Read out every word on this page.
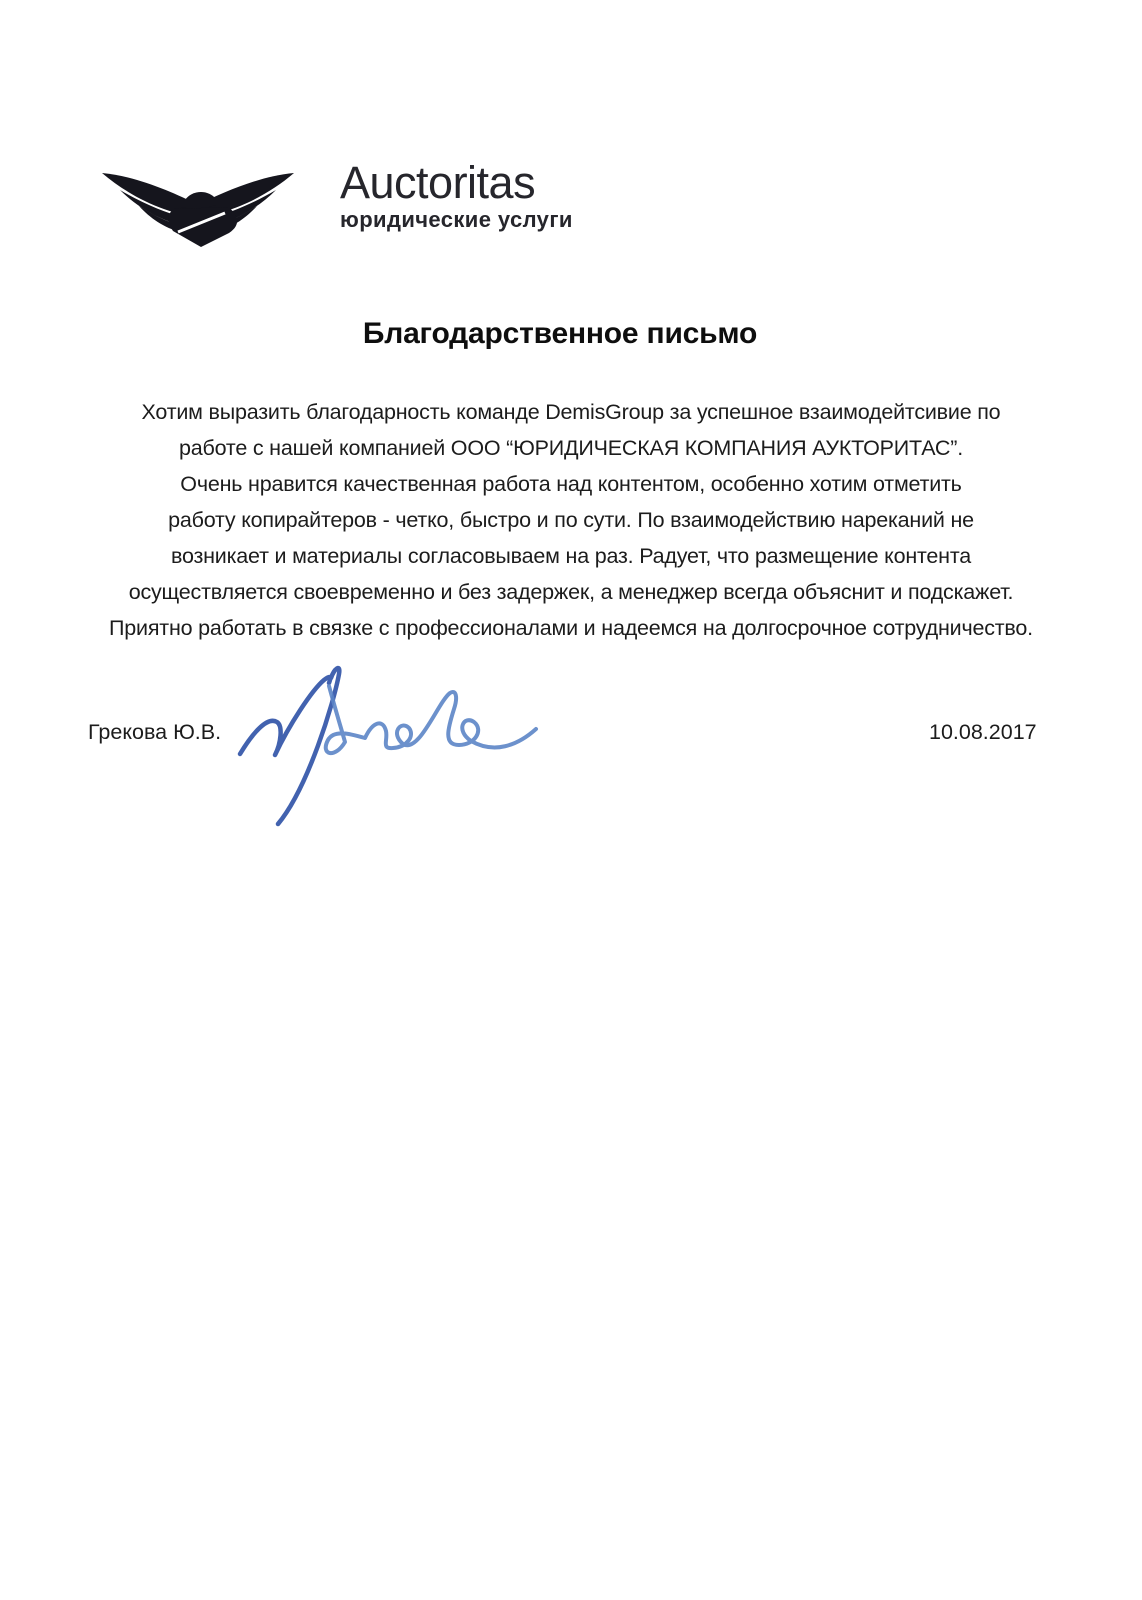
Auctoritas
юридические услуги
Благодарственное письмо
Хотим выразить благодарность команде DemisGroup за успешное взаимодейтсивие по
работе с нашей компанией ООО “ЮРИДИЧЕСКАЯ КОМПАНИЯ АУКТОРИТАС”.
Очень нравится качественная работа над контентом, особенно хотим отметить
работу копирайтеров - четко, быстро и по сути. По взаимодействию нареканий не
возникает и материалы согласовываем на раз. Радует, что размещение контента
осуществляется своевременно и без задержек, а менеджер всегда объяснит и подскажет.
Приятно работать в связке с профессионалами и надеемся на долгосрочное сотрудничество.
Грекова Ю.В.	10.08.2017
